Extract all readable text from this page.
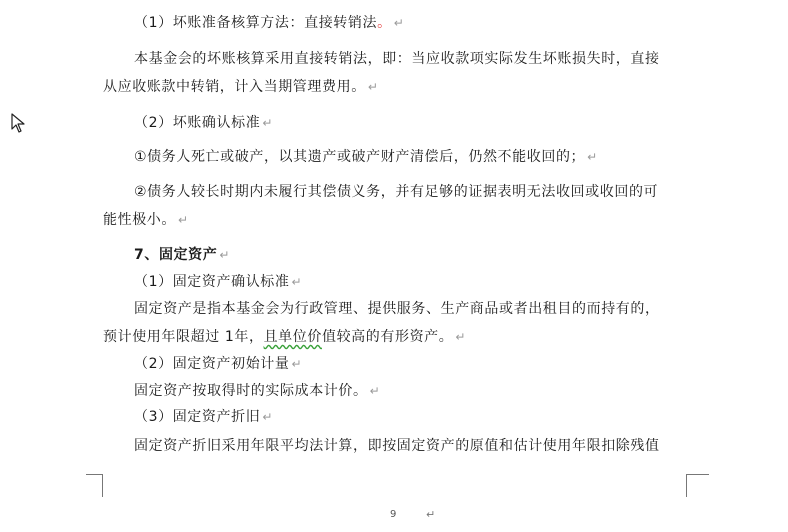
（1）坏账准备核算方法：直接转销法。 ↵
本基金会的坏账核算采用直接转销法，即：当应收款项实际发生坏账损失时，直接
从应收账款中转销，计入当期管理费用。 ↵
（2）坏账确认标准 ↵
①债务人死亡或破产，以其遗产或破产财产清偿后，仍然不能收回的； ↵
②债务人较长时期内未履行其偿债义务，并有足够的证据表明无法收回或收回的可
能性极小。 ↵
7、固定资产 ↵
（1）固定资产确认标准 ↵
固定资产是指本基金会为行政管理、提供服务、生产商品或者出租目的而持有的，
预计使用年限超过 1年，且单位价值较高的有形资产。 ↵
（2）固定资产初始计量 ↵
固定资产按取得时的实际成本计价。 ↵
（3）固定资产折旧 ↵
固定资产折旧采用年限平均法计算，即按固定资产的原值和估计使用年限扣除残值
9	↵
